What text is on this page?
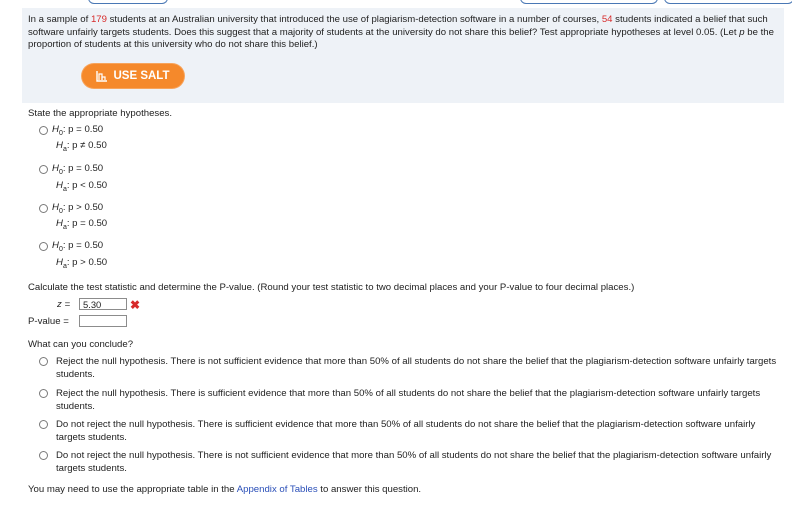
In a sample of 179 students at an Australian university that introduced the use of plagiarism-detection software in a number of courses, 54 students indicated a belief that such software unfairly targets students. Does this suggest that a majority of students at the university do not share this belief? Test appropriate hypotheses at level 0.05. (Let p be the proportion of students at this university who do not share this belief.)
USE SALT
State the appropriate hypotheses.
$H_0$: p = 0.50
$H_a$: p ≠ 0.50
$H_0$: p = 0.50
$H_a$: p < 0.50
$H_0$: p > 0.50
$H_a$: p = 0.50
$H_0$: p = 0.50
$H_a$: p > 0.50
Calculate the test statistic and determine the P-value. (Round your test statistic to two decimal places and your P-value to four decimal places.)
z =	5.30	✖
P-value =
What can you conclude?
Reject the null hypothesis. There is not sufficient evidence that more than 50% of all students do not share the belief that the plagiarism-detection software unfairly targets students.
Reject the null hypothesis. There is sufficient evidence that more than 50% of all students do not share the belief that the plagiarism-detection software unfairly targets students.
Do not reject the null hypothesis. There is sufficient evidence that more than 50% of all students do not share the belief that the plagiarism-detection software unfairly targets students.
Do not reject the null hypothesis. There is not sufficient evidence that more than 50% of all students do not share the belief that the plagiarism-detection software unfairly targets students.
You may need to use the appropriate table in the Appendix of Tables to answer this question.
